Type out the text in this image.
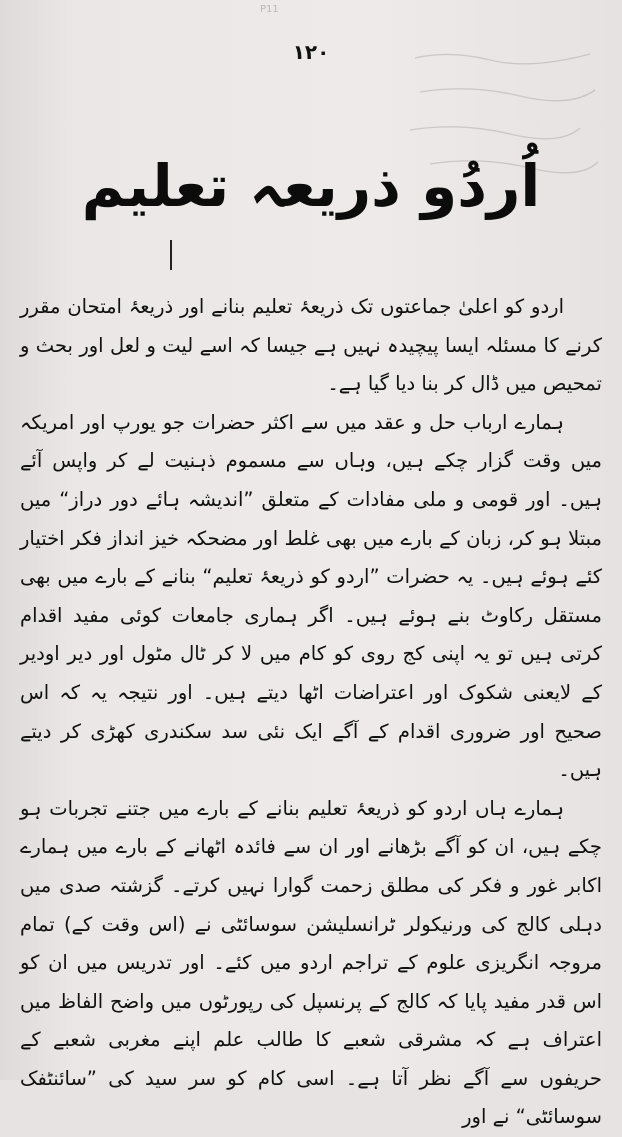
P11
۱۲۰
اُردُو ذریعہ تعلیم

اردو کو اعلیٰ جماعتوں تک ذریعۂ تعلیم بنانے اور ذریعۂ امتحان مقرر کرنے کا مسئلہ ایسا پیچیدہ نہیں ہے جیسا کہ اسے لیت و لعل اور بحث و تمحیص میں ڈال کر بنا دیا گیا ہے۔

ہمارے ارباب حل و عقد میں سے اکثر حضرات جو یورپ اور امریکہ میں وقت گزار چکے ہیں، وہاں سے مسموم ذہنیت لے کر واپس آئے ہیں۔ اور قومی و ملی مفادات کے متعلق ”اندیشہ ہائے دور دراز“ میں مبتلا ہو کر، زبان کے بارے میں بھی غلط اور مضحکہ خیز انداز فکر اختیار کئے ہوئے ہیں۔ یہ حضرات ”اردو کو ذریعۂ تعلیم“ بنانے کے بارے میں بھی مستقل رکاوٹ بنے ہوئے ہیں۔ اگر ہماری جامعات کوئی مفید اقدام کرتی ہیں تو یہ اپنی کج روی کو کام میں لا کر ٹال مٹول اور دیر اودیر کے لایعنی شکوک اور اعتراضات اٹھا دیتے ہیں۔ اور نتیجہ یہ کہ اس صحیح اور ضروری اقدام کے آگے ایک نئی سد سکندری کھڑی کر دیتے ہیں۔

ہمارے ہاں اردو کو ذریعۂ تعلیم بنانے کے بارے میں جتنے تجربات ہو چکے ہیں، ان کو آگے بڑھانے اور ان سے فائدہ اٹھانے کے بارے میں ہمارے اکابر غور و فکر کی مطلق زحمت گوارا نہیں کرتے۔ گزشتہ صدی میں دہلی کالج کی ورنیکولر ٹرانسلیشن سوسائٹی نے (اس وقت کے) تمام مروجہ انگریزی علوم کے تراجم اردو میں کئے۔ اور تدریس میں ان کو اس قدر مفید پایا کہ کالج کے پرنسپل کی رپورٹوں میں واضح الفاظ میں اعتراف ہے کہ مشرقی شعبے کا طالب علم اپنے مغربی شعبے کے حریفوں سے آگے نظر آتا ہے۔ اسی کام کو سر سید کی ”سائنٹفک سوسائٹی“ نے اور
